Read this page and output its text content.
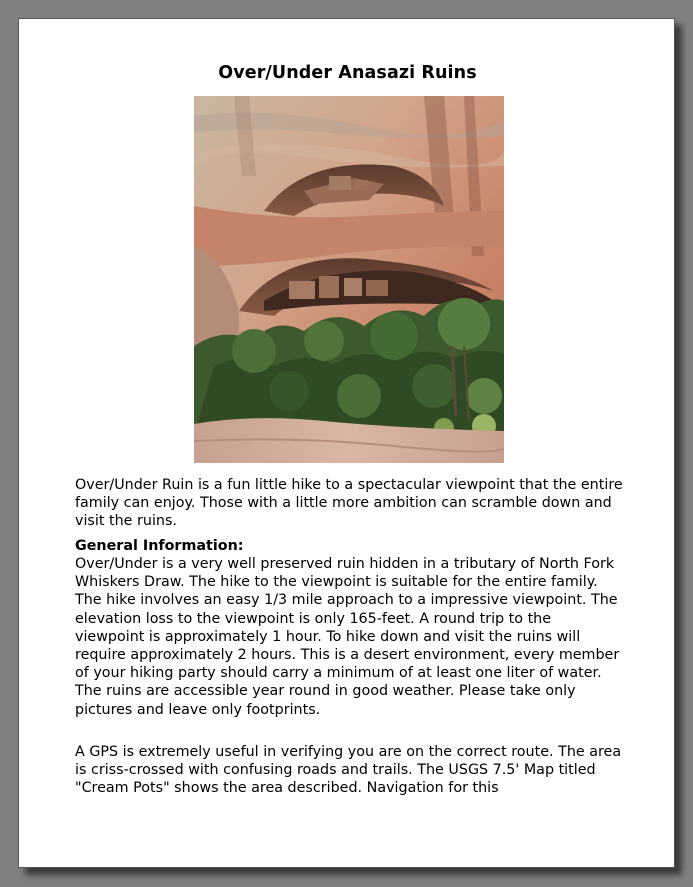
Over/Under Anasazi Ruins

Over/Under Ruin is a fun little hike to a spectacular viewpoint that the entire family can enjoy. Those with a little more ambition can scramble down and visit the ruins.

General Information:

Over/Under is a very well preserved ruin hidden in a tributary of North Fork Whiskers Draw. The hike to the viewpoint is suitable for the entire family. The hike involves an easy 1/3 mile approach to a impressive viewpoint. The elevation loss to the viewpoint is only 165-feet. A round trip to the viewpoint is approximately 1 hour. To hike down and visit the ruins will require approximately 2 hours. This is a desert environment, every member of your hiking party should carry a minimum of at least one liter of water. The ruins are accessible year round in good weather. Please take only pictures and leave only footprints.

A GPS is extremely useful in verifying you are on the correct route. The area is criss-crossed with confusing roads and trails. The USGS 7.5' Map titled "Cream Pots" shows the area described. Navigation for this
